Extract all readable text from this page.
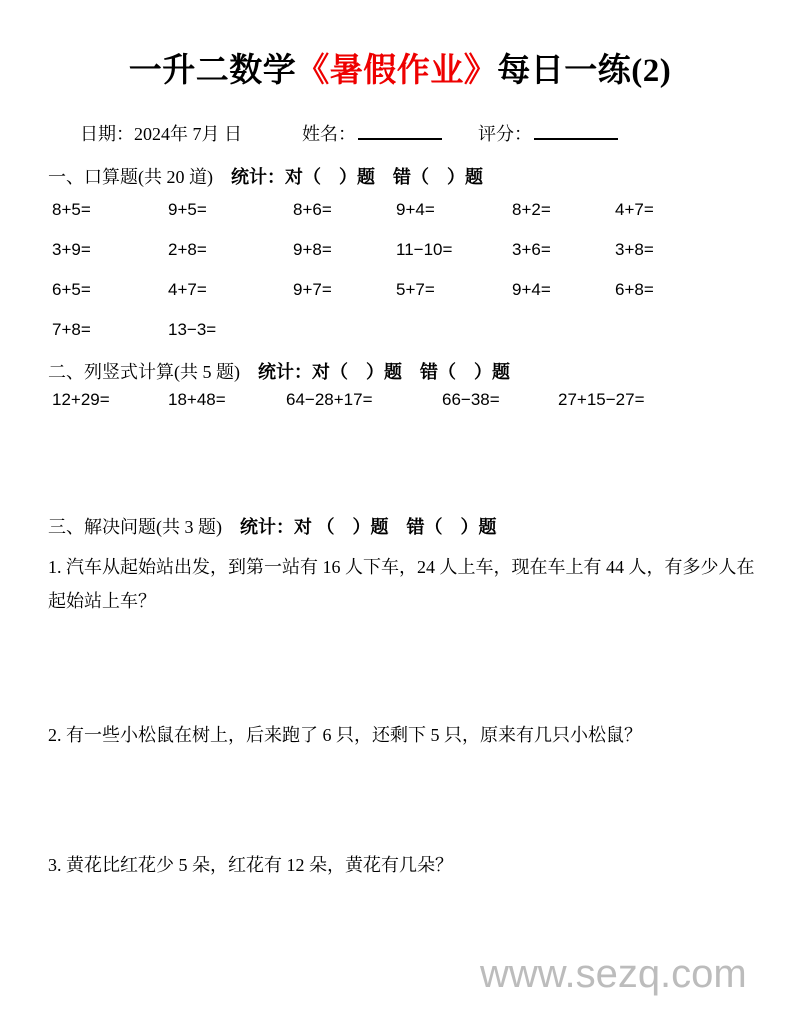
一升二数学《暑假作业》每日一练(2)
日期：2024年 7月 日	姓名：	评分：
一、口算题(共 20 道) 统计：对（　）题 错（　）题
8+5=	9+5=	8+6=	9+4=	8+2=	4+7=
3+9=	2+8=	9+8=	11−10=	3+6=	3+8=
6+5=	4+7=	9+7=	5+7=	9+4=	6+8=
7+8=	13−3=
二、列竖式计算(共 5 题) 统计：对（　）题 错（　）题
12+29=	18+48=	64−28+17=	66−38=	27+15−27=
三、解决问题(共 3 题) 统计：对 （　）题 错（　）题
1. 汽车从起始站出发，到第一站有 16 人下车，24 人上车，现在车上有 44 人，有多少人在起始站上车？
2. 有一些小松鼠在树上，后来跑了 6 只，还剩下 5 只，原来有几只小松鼠？
3. 黄花比红花少 5 朵，红花有 12 朵，黄花有几朵？
www.sezq.com
